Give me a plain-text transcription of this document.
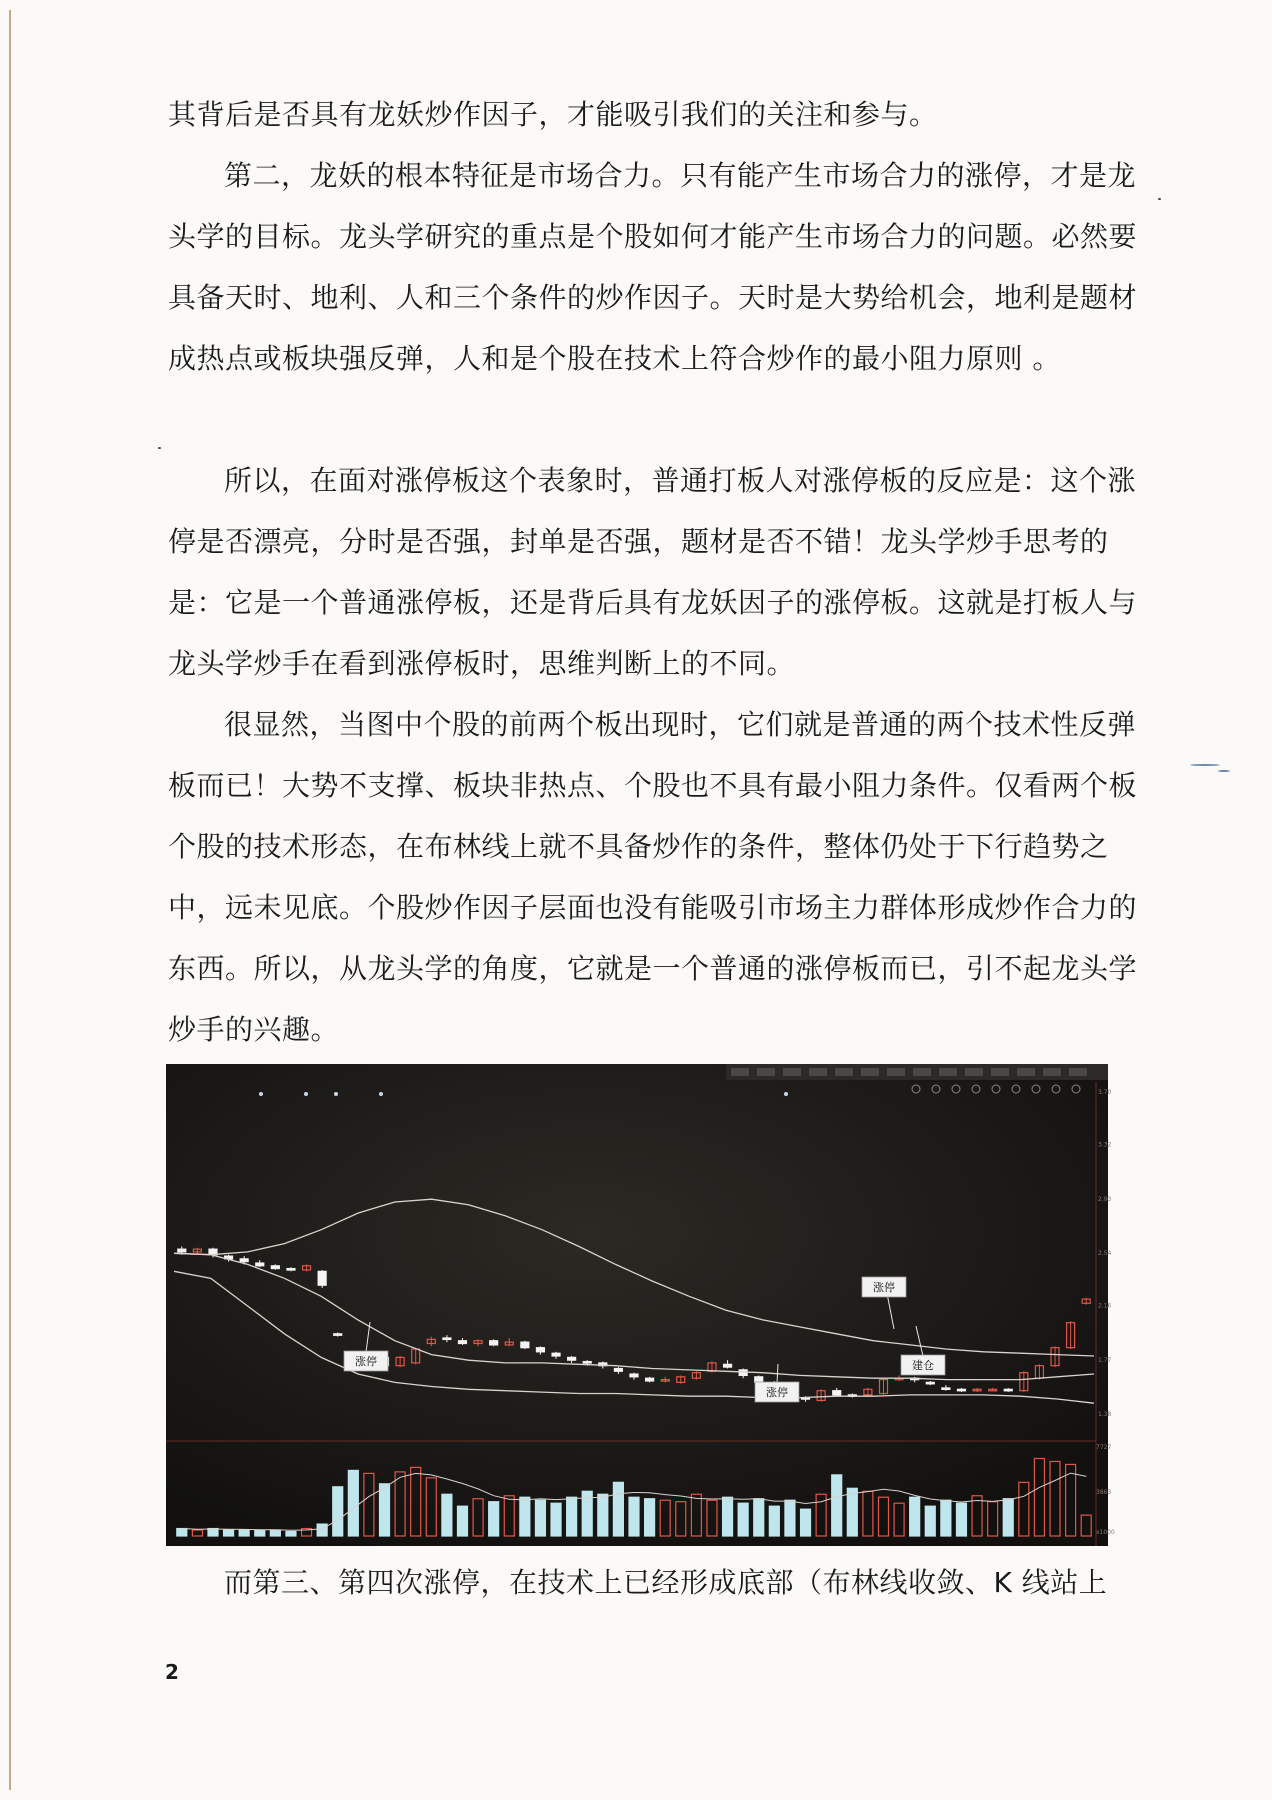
其背后是否具有龙妖炒作因子，才能吸引我们的关注和参与。

第二，龙妖的根本特征是市场合力。只有能产生市场合力的涨停，才是龙头学的目标。龙头学研究的重点是个股如何才能产生市场合力的问题。必然要具备天时、地利、人和三个条件的炒作因子。天时是大势给机会，地利是题材成热点或板块强反弹，人和是个股在技术上符合炒作的最小阻力原则 。

所以，在面对涨停板这个表象时，普通打板人对涨停板的反应是：这个涨停是否漂亮，分时是否强，封单是否强，题材是否不错！龙头学炒手思考的是：它是一个普通涨停板，还是背后具有龙妖因子的涨停板。这就是打板人与龙头学炒手在看到涨停板时，思维判断上的不同。

很显然，当图中个股的前两个板出现时，它们就是普通的两个技术性反弹板而已！大势不支撑、板块非热点、个股也不具有最小阻力条件。仅看两个板个股的技术形态，在布林线上就不具备炒作的条件，整体仍处于下行趋势之中，远未见底。个股炒作因子层面也没有能吸引市场主力群体形成炒作合力的东西。所以，从龙头学的角度，它就是一个普通的涨停板而已，引不起龙头学炒手的兴趣。

3.70
3.32
2.93
2.54
2.16
1.77
1.38
7727
3863
x1000
涨停
涨停
涨停
建仓

而第三、第四次涨停，在技术上已经形成底部（布林线收敛、K 线站上

2
